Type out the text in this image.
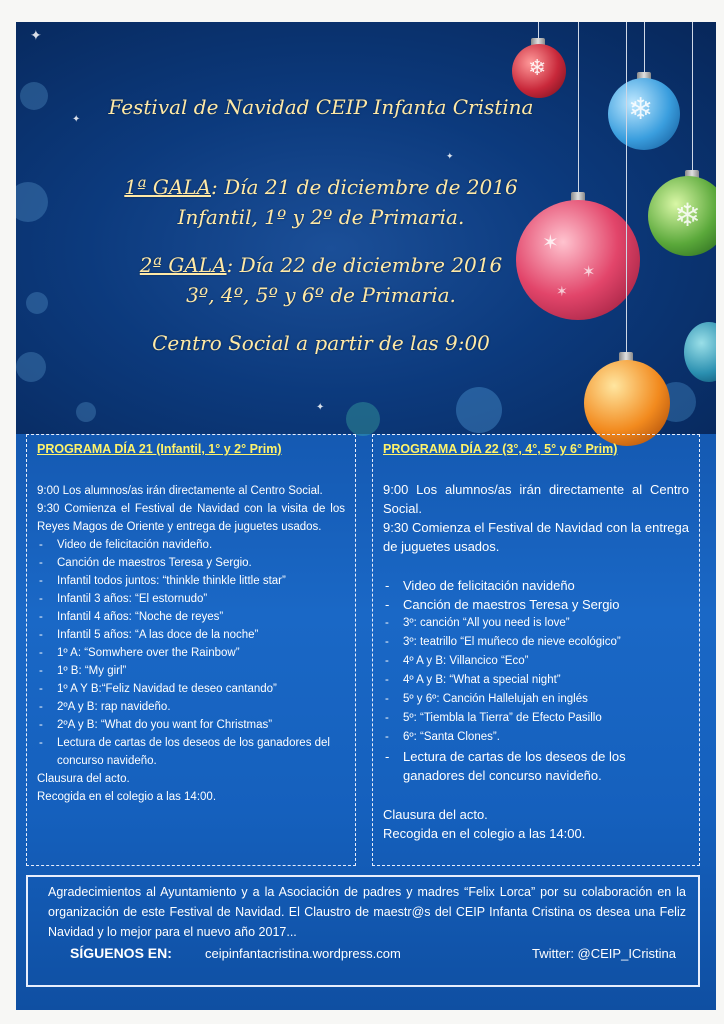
✦
✦
✦
✦
❄
❄
❄
✶
✶
✶
Festival de Navidad CEIP Infanta Cristina
1ª GALA: Día 21 de diciembre de 2016
Infantil, 1º y 2º de Primaria.
2ª GALA: Día 22 de diciembre 2016
3º, 4º, 5º y 6º de Primaria.
Centro Social a partir de las 9:00
PROGRAMA DÍA 21 (Infantil, 1° y 2° Prim)

9:00 Los alumnos/as irán directamente al Centro Social.

9:30 Comienza el Festival de Navidad con la visita de los Reyes Magos de Oriente y entrega de juguetes usados.

- Video de felicitación navideño.
- Canción de maestros Teresa y Sergio.
- Infantil todos juntos: “thinkle thinkle little star”
- Infantil 3 años: “El estornudo”
- Infantil 4 años: “Noche de reyes”
- Infantil 5 años: “A las doce de la noche”
- 1º A: “Somwhere over the Rainbow”
- 1º B: “My girl”
- 1º A Y B:“Feliz Navidad te deseo cantando”
- 2ºA y B: rap navideño.
- 2ºA y B: “What do you want for Christmas”
- Lectura de cartas de los deseos de los ganadores del concurso navideño.

Clausura del acto.

Recogida en el colegio a las 14:00.

PROGRAMA DÍA 22 (3°, 4°, 5° y 6° Prim)

9:00 Los alumnos/as irán directamente al Centro Social.

9:30 Comienza el Festival de Navidad con la entrega de juguetes usados.

- Video de felicitación navideño
- Canción de maestros Teresa y Sergio
- 3º: canción “All you need is love”
- 3º: teatrillo “El muñeco de nieve ecológico”
- 4º A y B: Villancico “Eco”
- 4º A y B: “What a special night”
- 5º y 6º: Canción Hallelujah en inglés
- 5º: “Tiembla la Tierra” de Efecto Pasillo
- 6º: “Santa Clones”.
- Lectura de cartas de los deseos de los ganadores del concurso navideño.

Clausura del acto.

Recogida en el colegio a las 14:00.

Agradecimientos al Ayuntamiento y a la Asociación de padres y madres “Felix Lorca” por su colaboración en la organización de este Festival de Navidad. El Claustro de maestr@s del CEIP Infanta Cristina os desea una Feliz Navidad y lo mejor para el nuevo año 2017...
SÍGUENOS EN:	ceipinfantacristina.wordpress.com	Twitter: @CEIP_ICristina
